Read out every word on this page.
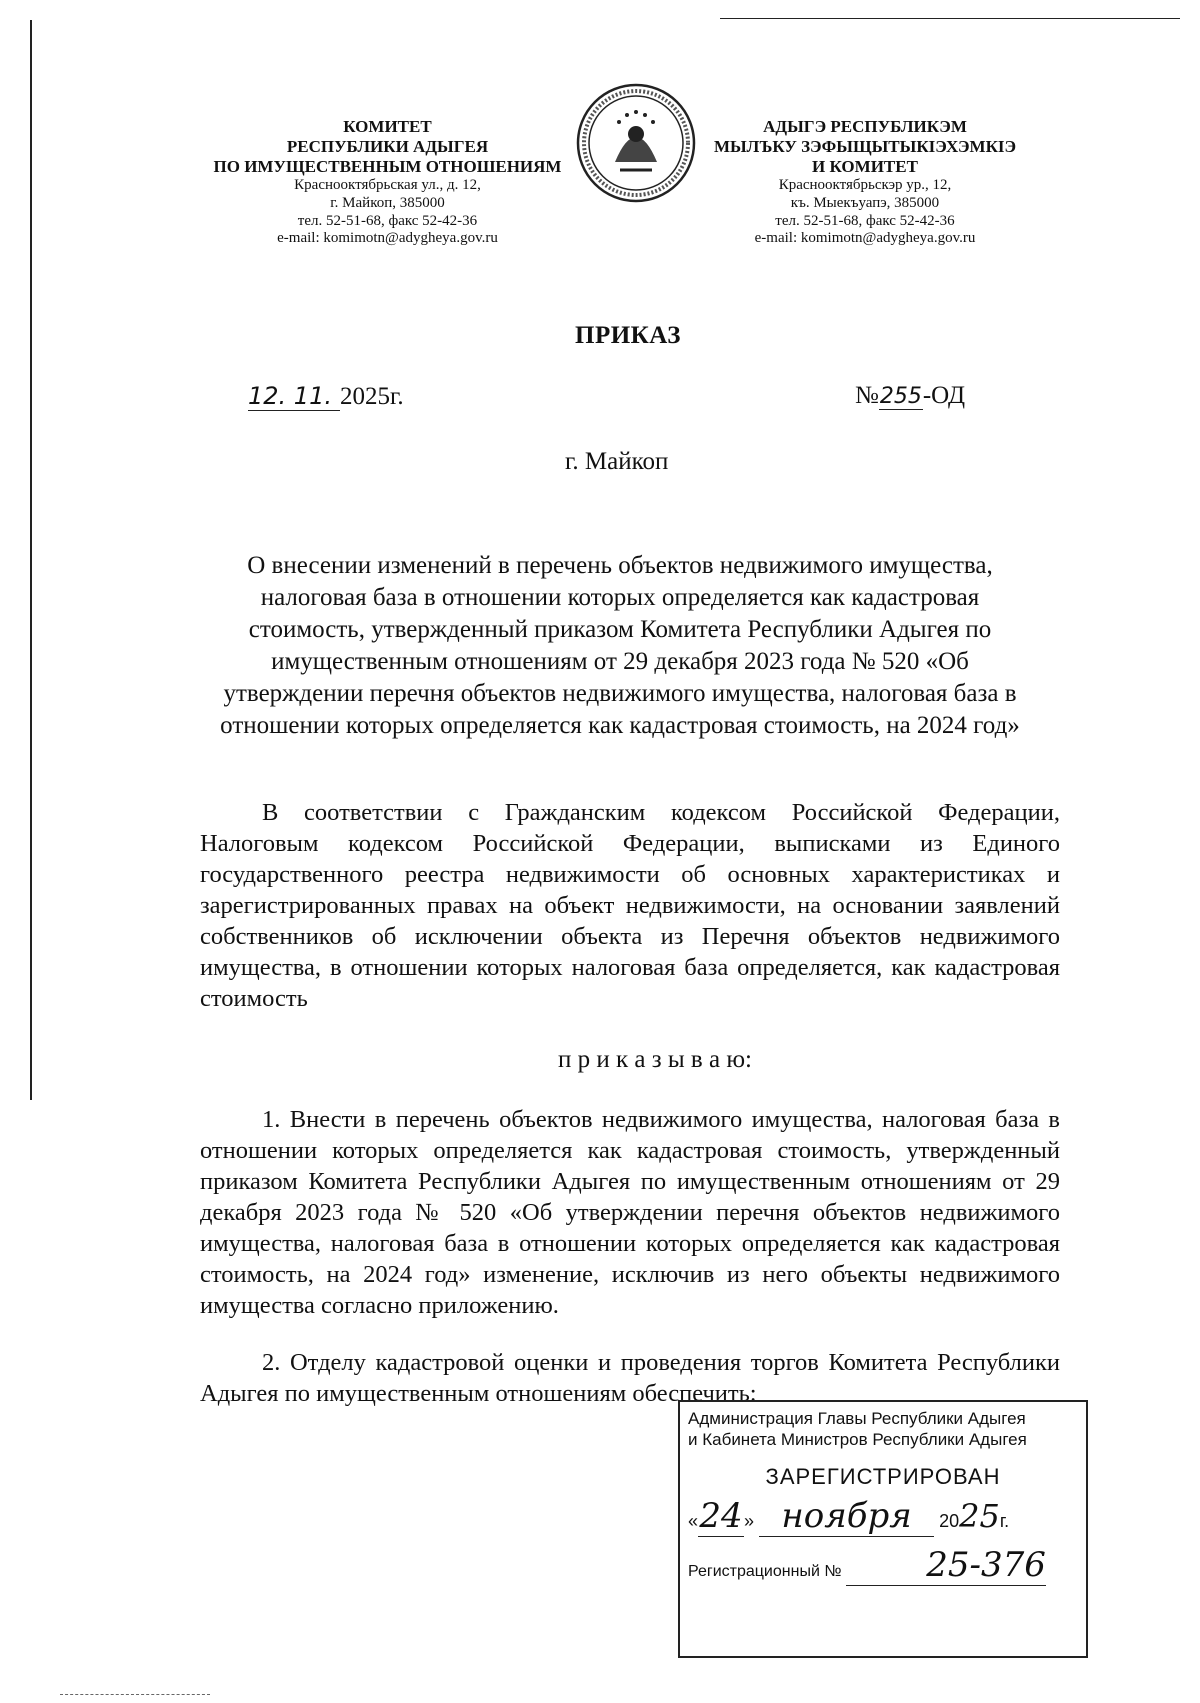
КОМИТЕТ
РЕСПУБЛИКИ АДЫГЕЯ
ПО ИМУЩЕСТВЕННЫМ ОТНОШЕНИЯМ
Краснооктябрьская ул., д. 12,
г. Майкоп, 385000
тел. 52-51-68, факс 52-42-36
e-mail: komimotn@adygheya.gov.ru
АДЫГЭ РЕСПУБЛИКЭМ
МЫЛЪКУ ЗЭФЫЩЫТЫКІЭХЭМКІЭ
И КОМИТЕТ
Краснооктябрьскэр ур., 12,
къ. Мыекъуапэ, 385000
тел. 52-51-68, факс 52-42-36
e-mail: komimotn@adygheya.gov.ru
ПРИКАЗ
12. 11. 2025г.	№255-ОД
г. Майкоп
О внесении изменений в перечень объектов недвижимого имущества,
налоговая база в отношении которых определяется как кадастровая
стоимость, утвержденный приказом Комитета Республики Адыгея по
имущественным отношениям от 29 декабря 2023 года № 520 «Об
утверждении перечня объектов недвижимого имущества, налоговая база в
отношении которых определяется как кадастровая стоимость, на 2024 год»
В соответствии с Гражданским кодексом Российской Федерации, Налоговым кодексом Российской Федерации, выписками из Единого государственного реестра недвижимости об основных характеристиках и зарегистрированных правах на объект недвижимости, на основании заявлений собственников об исключении объекта из Перечня объектов недвижимого имущества, в отношении которых налоговая база определяется, как кадастровая стоимость
п р и к а з ы в а ю:
1. Внести в перечень объектов недвижимого имущества, налоговая база в отношении которых определяется как кадастровая стоимость, утвержденный приказом Комитета Республики Адыгея по имущественным отношениям от 29 декабря 2023 года № 520 «Об утверждении перечня объектов недвижимого имущества, налоговая база в отношении которых определяется как кадастровая стоимость, на 2024 год» изменение, исключив из него объекты недвижимого имущества согласно приложению.
2. Отделу кадастровой оценки и проведения торгов Комитета Республики Адыгея по имущественным отношениям обеспечить:
Администрация Главы Республики Адыгея
и Кабинета Министров Республики Адыгея
ЗАРЕГИСТРИРОВАН
«24» ноября 2025г.
Регистрационный № 25-376
